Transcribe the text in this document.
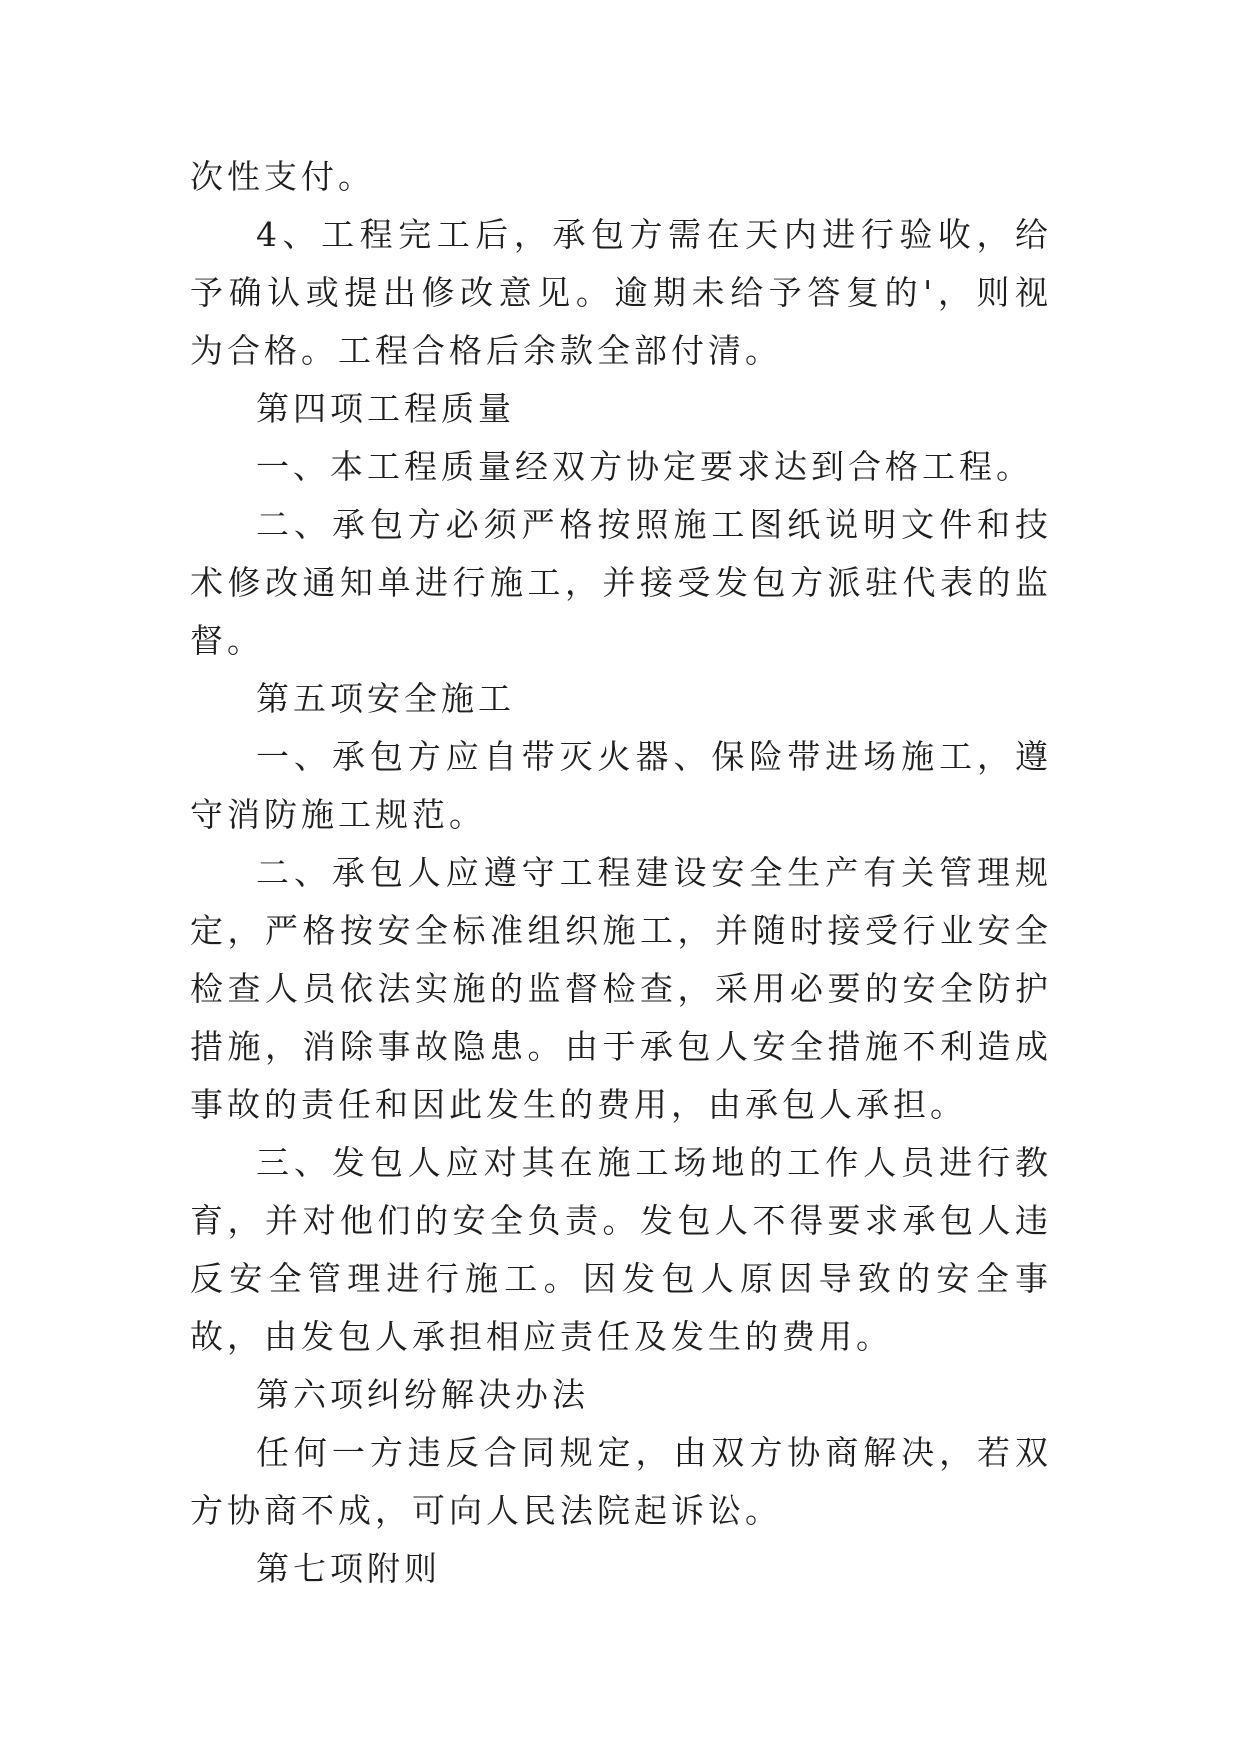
次性支付。

4、工程完工后，承包方需在天内进行验收，给予确认或提出修改意见。逾期未给予答复的'，则视为合格。工程合格后余款全部付清。

第四项工程质量

一、本工程质量经双方协定要求达到合格工程。

二、承包方必须严格按照施工图纸说明文件和技术修改通知单进行施工，并接受发包方派驻代表的监督。

第五项安全施工

一、承包方应自带灭火器、保险带进场施工，遵守消防施工规范。

二、承包人应遵守工程建设安全生产有关管理规定，严格按安全标准组织施工，并随时接受行业安全检查人员依法实施的监督检查，采用必要的安全防护措施，消除事故隐患。由于承包人安全措施不利造成事故的责任和因此发生的费用，由承包人承担。

三、发包人应对其在施工场地的工作人员进行教育，并对他们的安全负责。发包人不得要求承包人违反安全管理进行施工。因发包人原因导致的安全事故，由发包人承担相应责任及发生的费用。

第六项纠纷解决办法

任何一方违反合同规定，由双方协商解决，若双方协商不成，可向人民法院起诉讼。

第七项附则
